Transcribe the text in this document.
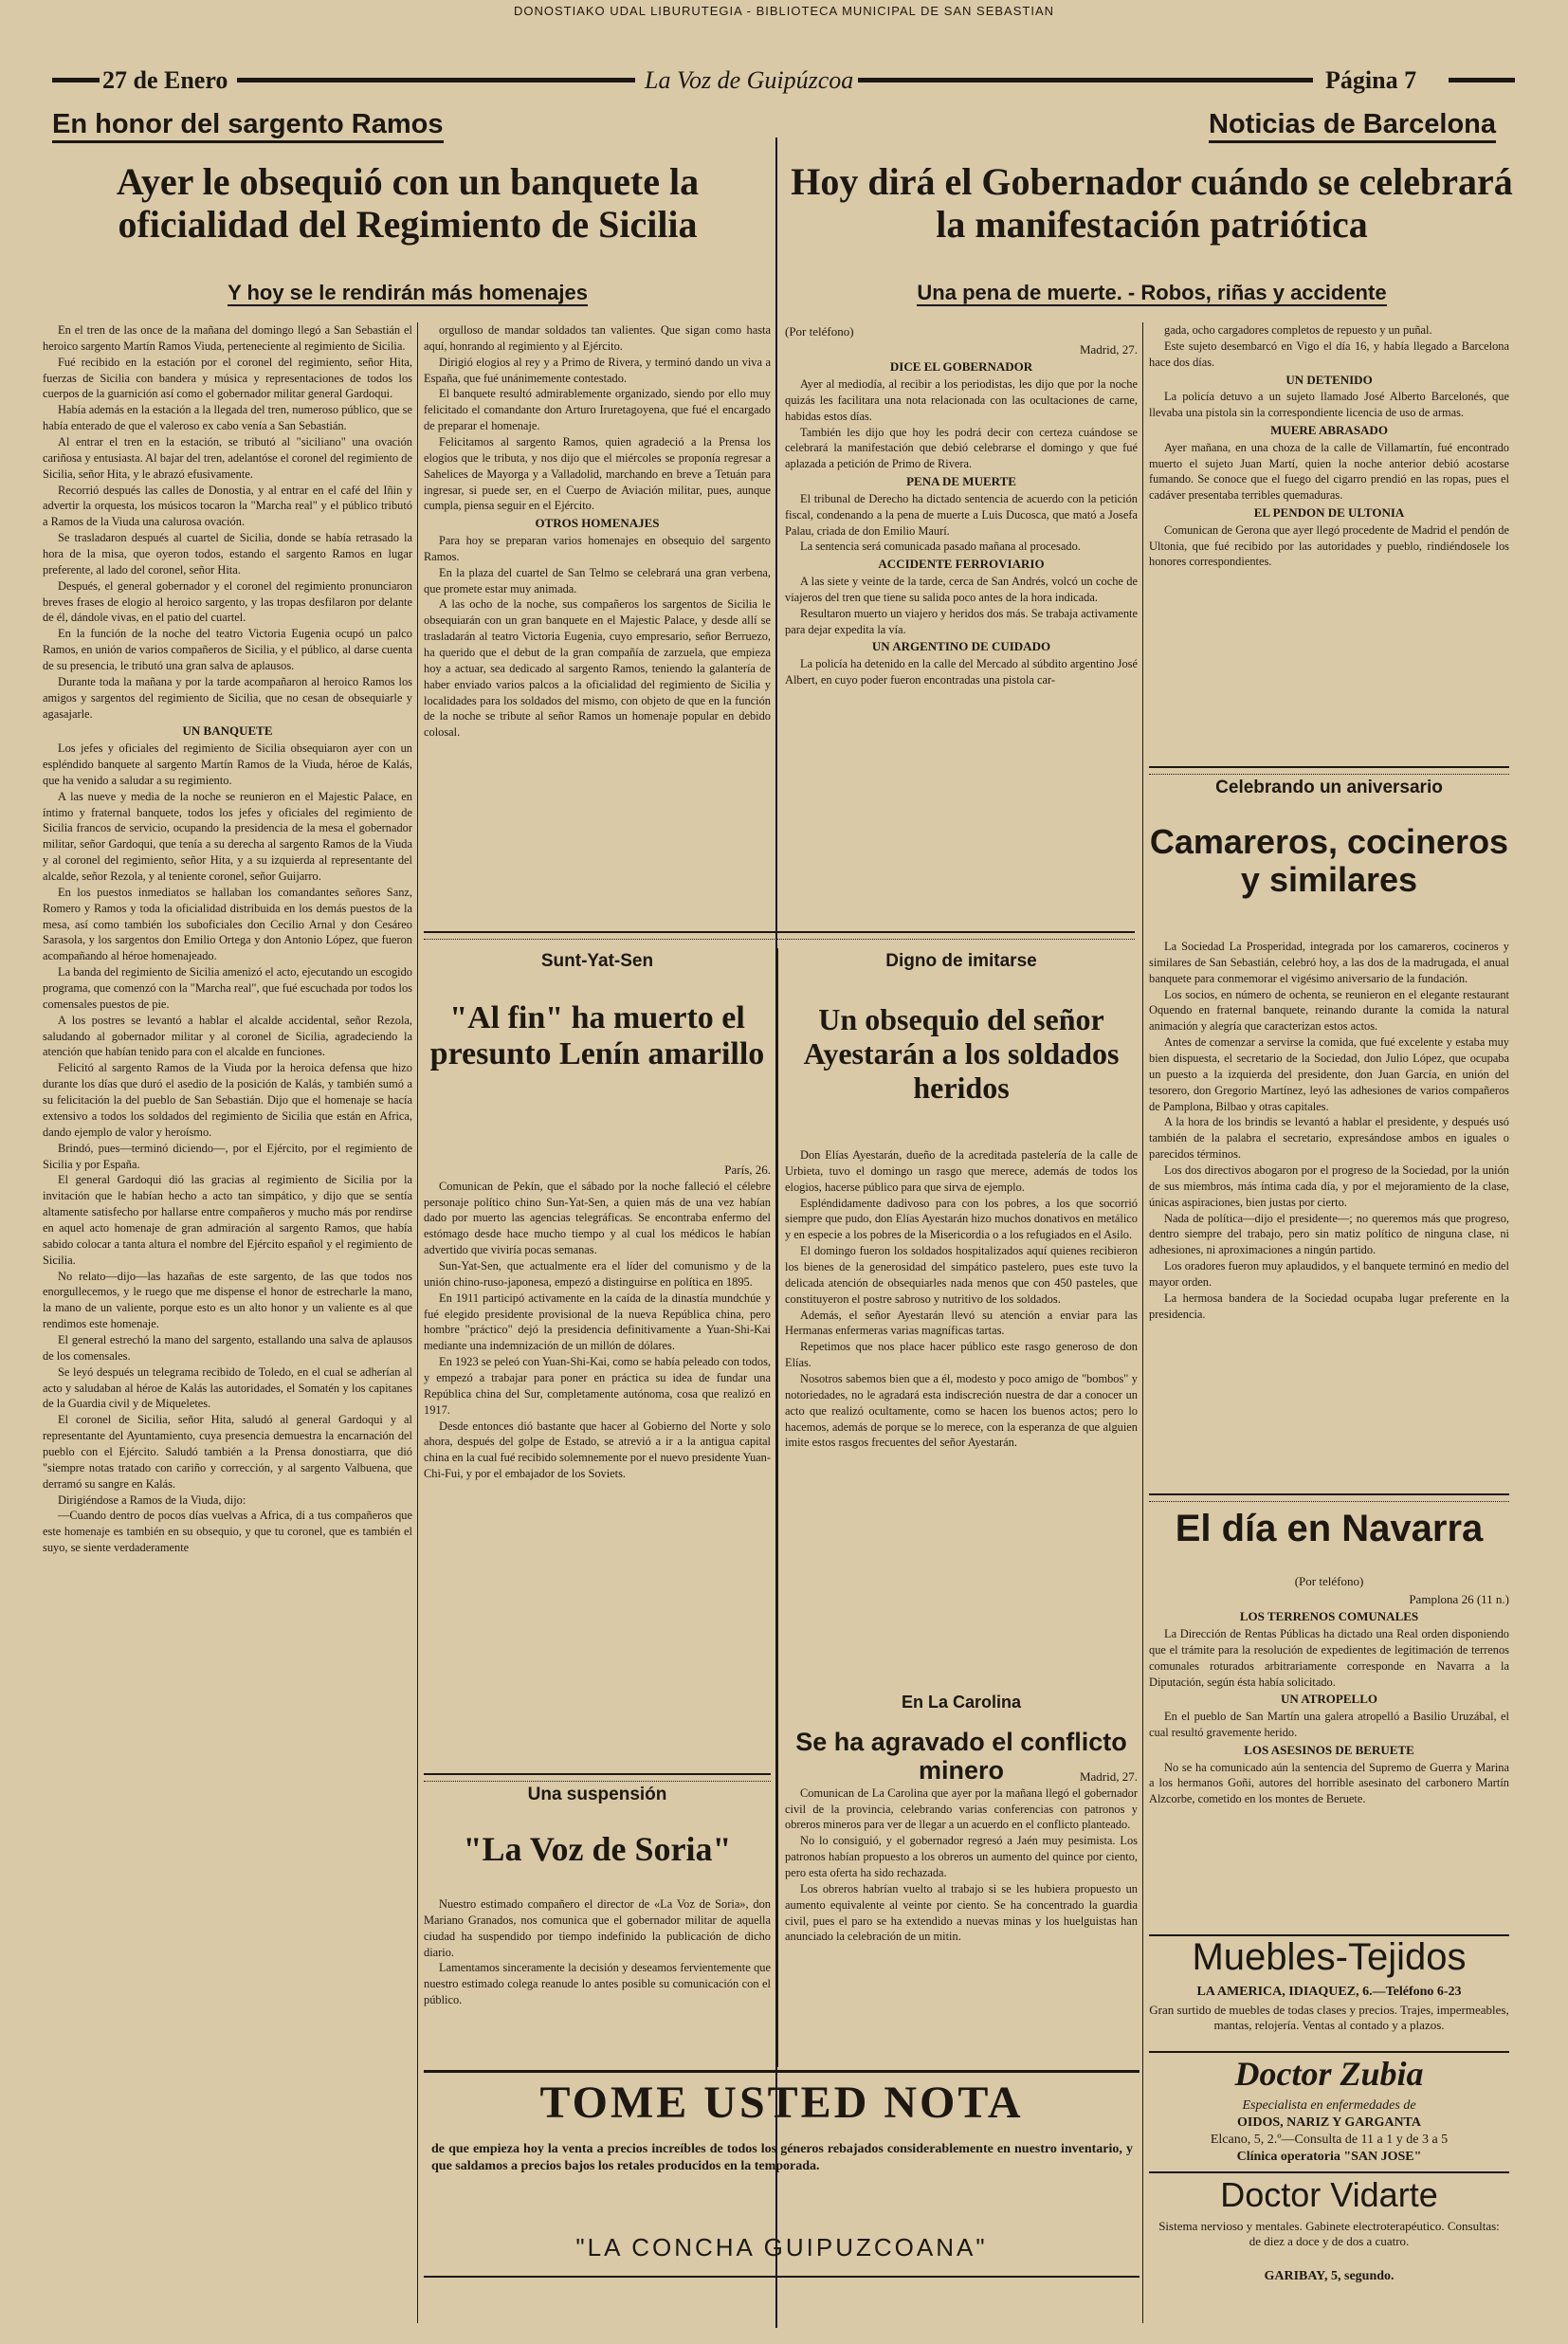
DONOSTIAKO UDAL LIBURUTEGIA - BIBLIOTECA MUNICIPAL DE SAN SEBASTIAN
27 de Enero	La Voz de Guipúzcoa	Página 7
En honor del sargento Ramos
Ayer le obsequió con un banquete la oficialidad del Regimiento de Sicilia
Y hoy se le rendirán más homenajes

En el tren de las once de la mañana del domingo llegó a San Sebastián el heroico sargento Martín Ramos Viuda, perteneciente al regimiento de Sicilia.

Fué recibido en la estación por el coronel del regimiento, señor Hita, fuerzas de Sicilia con bandera y música y representaciones de todos los cuerpos de la guarnición así como el gobernador militar general Gardoqui.

Había además en la estación a la llegada del tren, numeroso público, que se había enterado de que el valeroso ex cabo venía a San Sebastián.

Al entrar el tren en la estación, se tributó al "siciliano" una ovación cariñosa y entusiasta. Al bajar del tren, adelantóse el coronel del regimiento de Sicilia, señor Hita, y le abrazó efusivamente.

Recorrió después las calles de Donostia, y al entrar en el café del Iñin y advertir la orquesta, los músicos tocaron la "Marcha real" y el público tributó a Ramos de la Viuda una calurosa ovación.

Se trasladaron después al cuartel de Sicilia, donde se había retrasado la hora de la misa, que oyeron todos, estando el sargento Ramos en lugar preferente, al lado del coronel, señor Hita.

Después, el general gobernador y el coronel del regimiento pronunciaron breves frases de elogio al heroico sargento, y las tropas desfilaron por delante de él, dándole vivas, en el patio del cuartel.

En la función de la noche del teatro Victoria Eugenia ocupó un palco Ramos, en unión de varios compañeros de Sicilia, y el público, al darse cuenta de su presencia, le tributó una gran salva de aplausos.

Durante toda la mañana y por la tarde acompañaron al heroico Ramos los amigos y sargentos del regimiento de Sicilia, que no cesan de obsequiarle y agasajarle.

UN BANQUETE

Los jefes y oficiales del regimiento de Sicilia obsequiaron ayer con un espléndido banquete al sargento Martín Ramos de la Viuda, héroe de Kalás, que ha venido a saludar a su regimiento.

A las nueve y media de la noche se reunieron en el Majestic Palace, en íntimo y fraternal banquete, todos los jefes y oficiales del regimiento de Sicilia francos de servicio, ocupando la presidencia de la mesa el gobernador militar, señor Gardoqui, que tenía a su derecha al sargento Ramos de la Viuda y al coronel del regimiento, señor Hita, y a su izquierda al representante del alcalde, señor Rezola, y al teniente coronel, señor Guijarro.

En los puestos inmediatos se hallaban los comandantes señores Sanz, Romero y Ramos y toda la oficialidad distribuida en los demás puestos de la mesa, así como también los suboficiales don Cecilio Arnal y don Cesáreo Sarasola, y los sargentos don Emilio Ortega y don Antonio López, que fueron acompañando al héroe homenajeado.

La banda del regimiento de Sicilia amenizó el acto, ejecutando un escogido programa, que comenzó con la "Marcha real", que fué escuchada por todos los comensales puestos de pie.

A los postres se levantó a hablar el alcalde accidental, señor Rezola, saludando al gobernador militar y al coronel de Sicilia, agradeciendo la atención que habían tenido para con el alcalde en funciones.

Felicitó al sargento Ramos de la Viuda por la heroica defensa que hizo durante los días que duró el asedio de la posición de Kalás, y también sumó a su felicitación la del pueblo de San Sebastián. Dijo que el homenaje se hacía extensivo a todos los soldados del regimiento de Sicilia que están en Africa, dando ejemplo de valor y heroísmo.

Brindó, pues—terminó diciendo—, por el Ejército, por el regimiento de Sicilia y por España.

El general Gardoqui dió las gracias al regimiento de Sicilia por la invitación que le habían hecho a acto tan simpático, y dijo que se sentía altamente satisfecho por hallarse entre compañeros y mucho más por rendirse en aquel acto homenaje de gran admiración al sargento Ramos, que había sabido colocar a tanta altura el nombre del Ejército español y el regimiento de Sicilia.

No relato—dijo—las hazañas de este sargento, de las que todos nos enorgullecemos, y le ruego que me dispense el honor de estrecharle la mano, la mano de un valiente, porque esto es un alto honor y un valiente es al que rendimos este homenaje.

El general estrechó la mano del sargento, estallando una salva de aplausos de los comensales.

Se leyó después un telegrama recibido de Toledo, en el cual se adherían al acto y saludaban al héroe de Kalás las autoridades, el Somatén y los capitanes de la Guardia civil y de Miqueletes.

El coronel de Sicilia, señor Hita, saludó al general Gardoqui y al representante del Ayuntamiento, cuya presencia demuestra la encarnación del pueblo con el Ejército. Saludó también a la Prensa donostiarra, que dió "siempre notas tratado con cariño y corrección, y al sargento Valbuena, que derramó su sangre en Kalás.

Dirigiéndose a Ramos de la Viuda, dijo:

—Cuando dentro de pocos días vuelvas a Africa, di a tus compañeros que este homenaje es también en su obsequio, y que tu coronel, que es también el suyo, se siente verdaderamente

orgulloso de mandar soldados tan valientes. Que sigan como hasta aquí, honrando al regimiento y al Ejército.

Dirigió elogios al rey y a Primo de Rivera, y terminó dando un viva a España, que fué unánimemente contestado.

El banquete resultó admirablemente organizado, siendo por ello muy felicitado el comandante don Arturo Iruretagoyena, que fué el encargado de preparar el homenaje.

Felicitamos al sargento Ramos, quien agradeció a la Prensa los elogios que le tributa, y nos dijo que el miércoles se proponía regresar a Sahelices de Mayorga y a Valladolid, marchando en breve a Tetuán para ingresar, si puede ser, en el Cuerpo de Aviación militar, pues, aunque cumpla, piensa seguir en el Ejército.

OTROS HOMENAJES

Para hoy se preparan varios homenajes en obsequio del sargento Ramos.

En la plaza del cuartel de San Telmo se celebrará una gran verbena, que promete estar muy animada.

A las ocho de la noche, sus compañeros los sargentos de Sicilia le obsequiarán con un gran banquete en el Majestic Palace, y desde allí se trasladarán al teatro Victoria Eugenia, cuyo empresario, señor Berruezo, ha querido que el debut de la gran compañía de zarzuela, que empieza hoy a actuar, sea dedicado al sargento Ramos, teniendo la galantería de haber enviado varios palcos a la oficialidad del regimiento de Sicilia y localidades para los soldados del mismo, con objeto de que en la función de la noche se tribute al señor Ramos un homenaje popular en debido colosal.

Noticias de Barcelona
Hoy dirá el Gobernador cuándo se celebrará la manifestación patriótica
Una pena de muerte. - Robos, riñas y accidente
(Por teléfono)
Madrid, 27.
DICE EL GOBERNADOR

Ayer al mediodía, al recibir a los periodistas, les dijo que por la noche quizás les facilitara una nota relacionada con las ocultaciones de carne, habidas estos días.

También les dijo que hoy les podrá decir con certeza cuándose se celebrará la manifestación que debió celebrarse el domingo y que fué aplazada a petición de Primo de Rivera.

PENA DE MUERTE

El tribunal de Derecho ha dictado sentencia de acuerdo con la petición fiscal, condenando a la pena de muerte a Luis Ducosca, que mató a Josefa Palau, criada de don Emilio Maurí.

La sentencia será comunicada pasado mañana al procesado.

ACCIDENTE FERROVIARIO

A las siete y veinte de la tarde, cerca de San Andrés, volcó un coche de viajeros del tren que tiene su salida poco antes de la hora indicada.

Resultaron muerto un viajero y heridos dos más. Se trabaja activamente para dejar expedita la vía.

UN ARGENTINO DE CUIDADO

La policía ha detenido en la calle del Mercado al súbdito argentino José Albert, en cuyo poder fueron encontradas una pistola car-

gada, ocho cargadores completos de repuesto y un puñal.

Este sujeto desembarcó en Vigo el día 16, y había llegado a Barcelona hace dos días.

UN DETENIDO

La policía detuvo a un sujeto llamado José Alberto Barcelonés, que llevaba una pistola sin la correspondiente licencia de uso de armas.

MUERE ABRASADO

Ayer mañana, en una choza de la calle de Villamartín, fué encontrado muerto el sujeto Juan Martí, quien la noche anterior debió acostarse fumando. Se conoce que el fuego del cigarro prendió en las ropas, pues el cadáver presentaba terribles quemaduras.

EL PENDON DE ULTONIA

Comunican de Gerona que ayer llegó procedente de Madrid el pendón de Ultonia, que fué recibido por las autoridades y pueblo, rindiéndosele los honores correspondientes.

Sunt-Yat-Sen
"Al fin" ha muerto el presunto Lenín amarillo
París, 26.

Comunican de Pekín, que el sábado por la noche falleció el célebre personaje político chino Sun-Yat-Sen, a quien más de una vez habían dado por muerto las agencias telegráficas. Se encontraba enfermo del estómago desde hace mucho tiempo y al cual los médicos le habían advertido que viviría pocas semanas.

Sun-Yat-Sen, que actualmente era el líder del comunismo y de la unión chino-ruso-japonesa, empezó a distinguirse en política en 1895.

En 1911 participó activamente en la caída de la dinastía mundchúe y fué elegido presidente provisional de la nueva República china, pero hombre "práctico" dejó la presidencia definitivamente a Yuan-Shi-Kai mediante una indemnización de un millón de dólares.

En 1923 se peleó con Yuan-Shi-Kai, como se había peleado con todos, y empezó a trabajar para poner en práctica su idea de fundar una República china del Sur, completamente autónoma, cosa que realizó en 1917.

Desde entonces dió bastante que hacer al Gobierno del Norte y solo ahora, después del golpe de Estado, se atrevió a ir a la antigua capital china en la cual fué recibido solemnemente por el nuevo presidente Yuan-Chi-Fui, y por el embajador de los Soviets.

Una suspensión
"La Voz de Soria"

Nuestro estimado compañero el director de «La Voz de Soria», don Mariano Granados, nos comunica que el gobernador militar de aquella ciudad ha suspendido por tiempo indefinido la publicación de dicho diario.

Lamentamos sinceramente la decisión y deseamos fervientemente que nuestro estimado colega reanude lo antes posible su comunicación con el público.

Digno de imitarse
Un obsequio del señor Ayestarán a los soldados heridos

Don Elías Ayestarán, dueño de la acreditada pastelería de la calle de Urbieta, tuvo el domingo un rasgo que merece, además de todos los elogios, hacerse público para que sirva de ejemplo.

Espléndidamente dadivoso para con los pobres, a los que socorrió siempre que pudo, don Elías Ayestarán hizo muchos donativos en metálico y en especie a los pobres de la Misericordia o a los refugiados en el Asilo.

El domingo fueron los soldados hospitalizados aquí quienes recibieron los bienes de la generosidad del simpático pastelero, pues este tuvo la delicada atención de obsequiarles nada menos que con 450 pasteles, que constituyeron el postre sabroso y nutritivo de los soldados.

Además, el señor Ayestarán llevó su atención a enviar para las Hermanas enfermeras varias magníficas tartas.

Repetimos que nos place hacer público este rasgo generoso de don Elías.

Nosotros sabemos bien que a él, modesto y poco amigo de "bombos" y notoriedades, no le agradará esta indiscreción nuestra de dar a conocer un acto que realizó ocultamente, como se hacen los buenos actos; pero lo hacemos, además de porque se lo merece, con la esperanza de que alguien imite estos rasgos frecuentes del señor Ayestarán.

En La Carolina
Se ha agravado el conflicto minero	Madrid, 27.

Comunican de La Carolina que ayer por la mañana llegó el gobernador civil de la provincia, celebrando varias conferencias con patronos y obreros mineros para ver de llegar a un acuerdo en el conflicto planteado.

No lo consiguió, y el gobernador regresó a Jaén muy pesimista. Los patronos habían propuesto a los obreros un aumento del quince por ciento, pero esta oferta ha sido rechazada.

Los obreros habrían vuelto al trabajo si se les hubiera propuesto un aumento equivalente al veinte por ciento. Se ha concentrado la guardia civil, pues el paro se ha extendido a nuevas minas y los huelguistas han anunciado la celebración de un mitin.

Celebrando un aniversario
Camareros, cocineros y similares

La Sociedad La Prosperidad, integrada por los camareros, cocineros y similares de San Sebastián, celebró hoy, a las dos de la madrugada, el anual banquete para conmemorar el vigésimo aniversario de la fundación.

Los socios, en número de ochenta, se reunieron en el elegante restaurant Oquendo en fraternal banquete, reinando durante la comida la natural animación y alegría que caracterizan estos actos.

Antes de comenzar a servirse la comida, que fué excelente y estaba muy bien dispuesta, el secretario de la Sociedad, don Julio López, que ocupaba un puesto a la izquierda del presidente, don Juan García, en unión del tesorero, don Gregorio Martínez, leyó las adhesiones de varios compañeros de Pamplona, Bilbao y otras capitales.

A la hora de los brindis se levantó a hablar el presidente, y después usó también de la palabra el secretario, expresándose ambos en iguales o parecidos términos.

Los dos directivos abogaron por el progreso de la Sociedad, por la unión de sus miembros, más íntima cada día, y por el mejoramiento de la clase, únicas aspiraciones, bien justas por cierto.

Nada de política—dijo el presidente—; no queremos más que progreso, dentro siempre del trabajo, pero sin matiz político de ninguna clase, ni adhesiones, ni aproximaciones a ningún partido.

Los oradores fueron muy aplaudidos, y el banquete terminó en medio del mayor orden.

La hermosa bandera de la Sociedad ocupaba lugar preferente en la presidencia.

El día en Navarra
(Por teléfono)
Pamplona 26 (11 n.)
LOS TERRENOS COMUNALES

La Dirección de Rentas Públicas ha dictado una Real orden disponiendo que el trámite para la resolución de expedientes de legitimación de terrenos comunales roturados arbitrariamente corresponde en Navarra a la Diputación, según ésta había solicitado.

UN ATROPELLO

En el pueblo de San Martín una galera atropelló a Basilio Uruzábal, el cual resultó gravemente herido.

LOS ASESINOS DE BERUETE

No se ha comunicado aún la sentencia del Supremo de Guerra y Marina a los hermanos Goñi, autores del horrible asesinato del carbonero Martín Alzcorbe, cometido en los montes de Beruete.

Muebles-Tejidos
LA AMERICA, IDIAQUEZ, 6.—Teléfono 6-23
Gran surtido de muebles de todas clases y precios. Trajes, impermeables, mantas, relojería. Ventas al contado y a plazos.
Doctor Zubia
Especialista en enfermedades de
OIDOS, NARIZ Y GARGANTA
Elcano, 5, 2.º—Consulta de 11 a 1 y de 3 a 5
Clínica operatoria "SAN JOSE"
Doctor Vidarte
Sistema nervioso y mentales. Gabinete electroterapéutico. Consultas: de diez a doce y de dos a cuatro.
GARIBAY, 5, segundo.
TOME USTED NOTA
de que empieza hoy la venta a precios increíbles de todos los géneros rebajados considerablemente en nuestro inventario, y que saldamos a precios bajos los retales producidos en la temporada.
"LA CONCHA GUIPUZCOANA"
